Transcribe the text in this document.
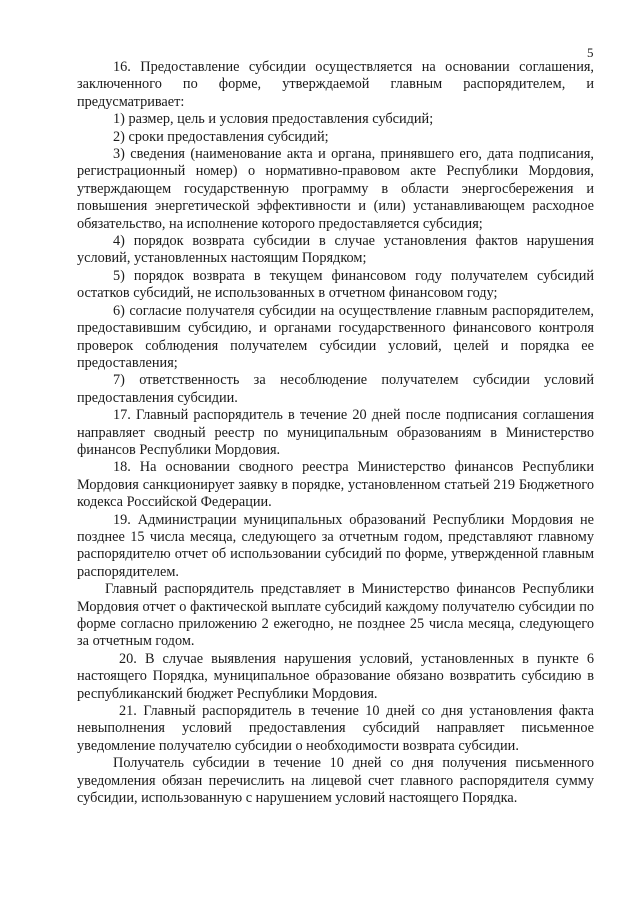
5

16. Предоставление субсидии осуществляется на основании соглашения, заключенного по форме, утверждаемой главным распорядителем, и предусматривает:

1) размер, цель и условия предоставления субсидий;

2) сроки предоставления субсидий;

3) сведения (наименование акта и органа, принявшего его, дата подписания, регистрационный номер) о нормативно-правовом акте Республики Мордовия, утверждающем государственную программу в области энергосбережения и повышения энергетической эффективности и (или) устанавливающем расходное обязательство, на исполнение которого предоставляется субсидия;

4) порядок возврата субсидии в случае установления фактов нарушения условий, установленных настоящим Порядком;

5) порядок возврата в текущем финансовом году получателем субсидий остатков субсидий, не использованных в отчетном финансовом году;

6) согласие получателя субсидии на осуществление главным распорядителем, предоставившим субсидию, и органами государственного финансового контроля проверок соблюдения получателем субсидии условий, целей и порядка ее предоставления;

7) ответственность за несоблюдение получателем субсидии условий предоставления субсидии.

17. Главный распорядитель в течение 20 дней после подписания соглашения направляет сводный реестр по муниципальным образованиям в Министерство финансов Республики Мордовия.

18. На основании сводного реестра Министерство финансов Республики Мордовия санкционирует заявку в порядке, установленном статьей 219 Бюджетного кодекса Российской Федерации.

19. Администрации муниципальных образований Республики Мордовия не позднее 15 числа месяца, следующего за отчетным годом, представляют главному распорядителю отчет об использовании субсидий по форме, утвержденной главным распорядителем.

Главный распорядитель представляет в Министерство финансов Республики Мордовия отчет о фактической выплате субсидий каждому получателю субсидии по форме согласно приложению 2 ежегодно, не позднее 25 числа месяца, следующего за отчетным годом.

20. В случае выявления нарушения условий, установленных в пункте 6 настоящего Порядка, муниципальное образование обязано возвратить субсидию в республиканский бюджет Республики Мордовия.

21. Главный распорядитель в течение 10 дней со дня установления факта невыполнения условий предоставления субсидий направляет письменное уведомление получателю субсидии о необходимости возврата субсидии.

Получатель субсидии в течение 10 дней со дня получения письменного уведомления обязан перечислить на лицевой счет главного распорядителя сумму субсидии, использованную с нарушением условий настоящего Порядка.
